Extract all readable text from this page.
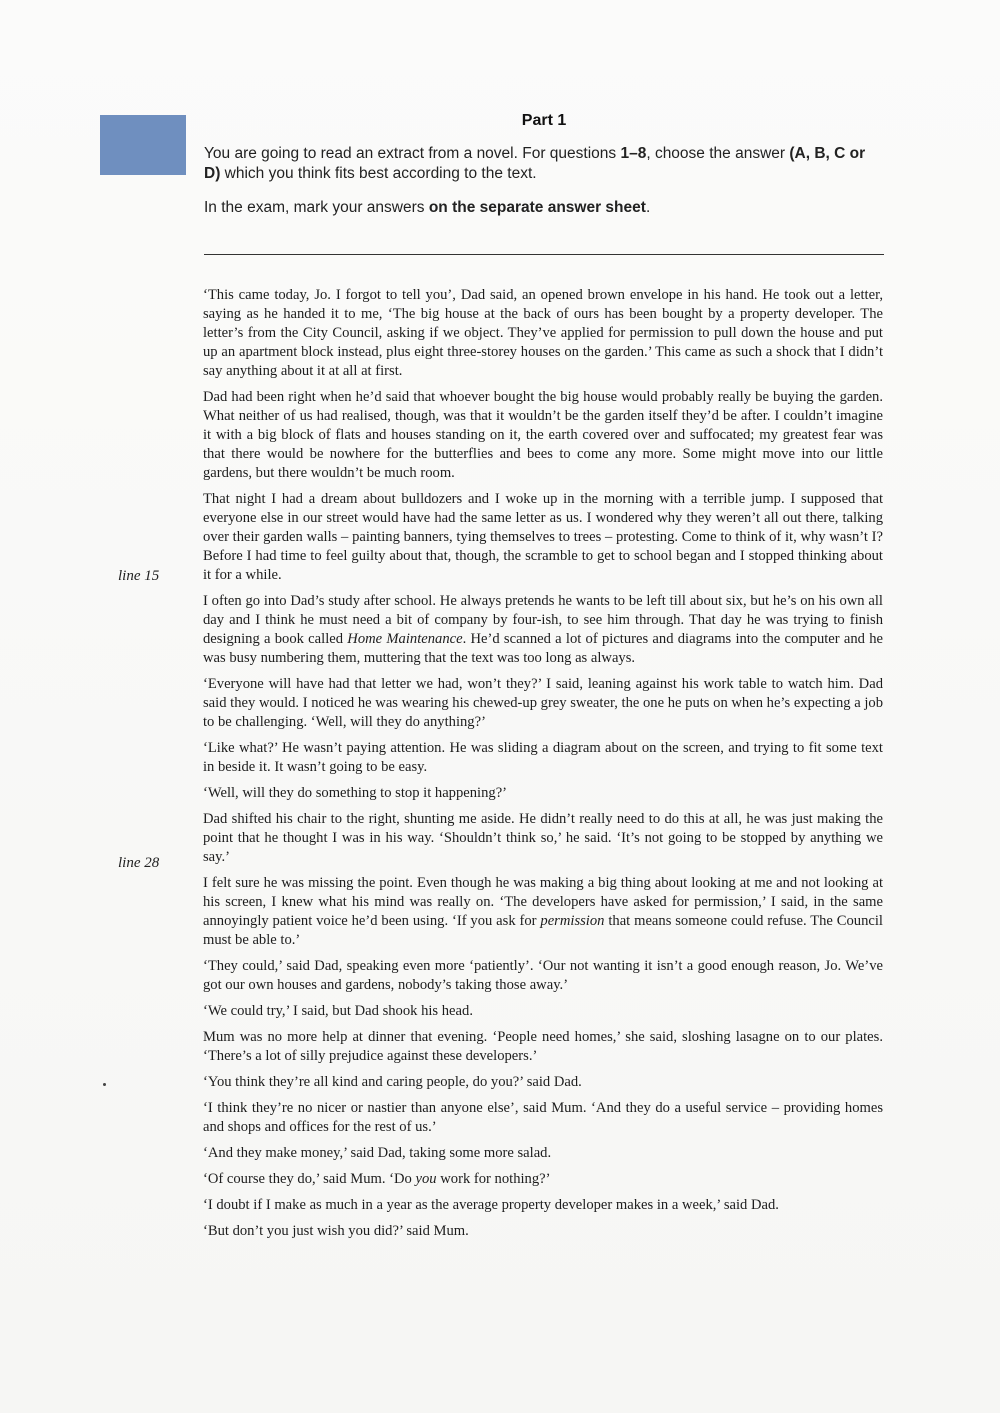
Part 1

You are going to read an extract from a novel. For questions 1–8, choose the answer (A, B, C or D) which you think fits best according to the text.

In the exam, mark your answers on the separate answer sheet.

line 15
line 28

‘This came today, Jo. I forgot to tell you’, Dad said, an opened brown envelope in his hand. He took out a letter, saying as he handed it to me, ‘The big house at the back of ours has been bought by a property developer. The letter’s from the City Council, asking if we object. They’ve applied for permission to pull down the house and put up an apartment block instead, plus eight three-storey houses on the garden.’ This came as such a shock that I didn’t say anything about it at all at first.

Dad had been right when he’d said that whoever bought the big house would probably really be buying the garden. What neither of us had realised, though, was that it wouldn’t be the garden itself they’d be after. I couldn’t imagine it with a big block of flats and houses standing on it, the earth covered over and suffocated; my greatest fear was that there would be nowhere for the butterflies and bees to come any more. Some might move into our little gardens, but there wouldn’t be much room.

That night I had a dream about bulldozers and I woke up in the morning with a terrible jump. I supposed that everyone else in our street would have had the same letter as us. I wondered why they weren’t all out there, talking over their garden walls – painting banners, tying themselves to trees – protesting. Come to think of it, why wasn’t I? Before I had time to feel guilty about that, though, the scramble to get to school began and I stopped thinking about it for a while.

I often go into Dad’s study after school. He always pretends he wants to be left till about six, but he’s on his own all day and I think he must need a bit of company by four-ish, to see him through. That day he was trying to finish designing a book called Home Maintenance. He’d scanned a lot of pictures and diagrams into the computer and he was busy numbering them, muttering that the text was too long as always.

‘Everyone will have had that letter we had, won’t they?’ I said, leaning against his work table to watch him. Dad said they would. I noticed he was wearing his chewed-up grey sweater, the one he puts on when he’s expecting a job to be challenging. ‘Well, will they do anything?’

‘Like what?’ He wasn’t paying attention. He was sliding a diagram about on the screen, and trying to fit some text in beside it. It wasn’t going to be easy.

‘Well, will they do something to stop it happening?’

Dad shifted his chair to the right, shunting me aside. He didn’t really need to do this at all, he was just making the point that he thought I was in his way. ‘Shouldn’t think so,’ he said. ‘It’s not going to be stopped by anything we say.’

I felt sure he was missing the point. Even though he was making a big thing about looking at me and not looking at his screen, I knew what his mind was really on. ‘The developers have asked for permission,’ I said, in the same annoyingly patient voice he’d been using. ‘If you ask for permission that means someone could refuse. The Council must be able to.’

‘They could,’ said Dad, speaking even more ‘patiently’. ‘Our not wanting it isn’t a good enough reason, Jo. We’ve got our own houses and gardens, nobody’s taking those away.’

‘We could try,’ I said, but Dad shook his head.

Mum was no more help at dinner that evening. ‘People need homes,’ she said, sloshing lasagne on to our plates. ‘There’s a lot of silly prejudice against these developers.’

‘You think they’re all kind and caring people, do you?’ said Dad.

‘I think they’re no nicer or nastier than anyone else’, said Mum. ‘And they do a useful service – providing homes and shops and offices for the rest of us.’

‘And they make money,’ said Dad, taking some more salad.

‘Of course they do,’ said Mum. ‘Do you work for nothing?’

‘I doubt if I make as much in a year as the average property developer makes in a week,’ said Dad.

‘But don’t you just wish you did?’ said Mum.
